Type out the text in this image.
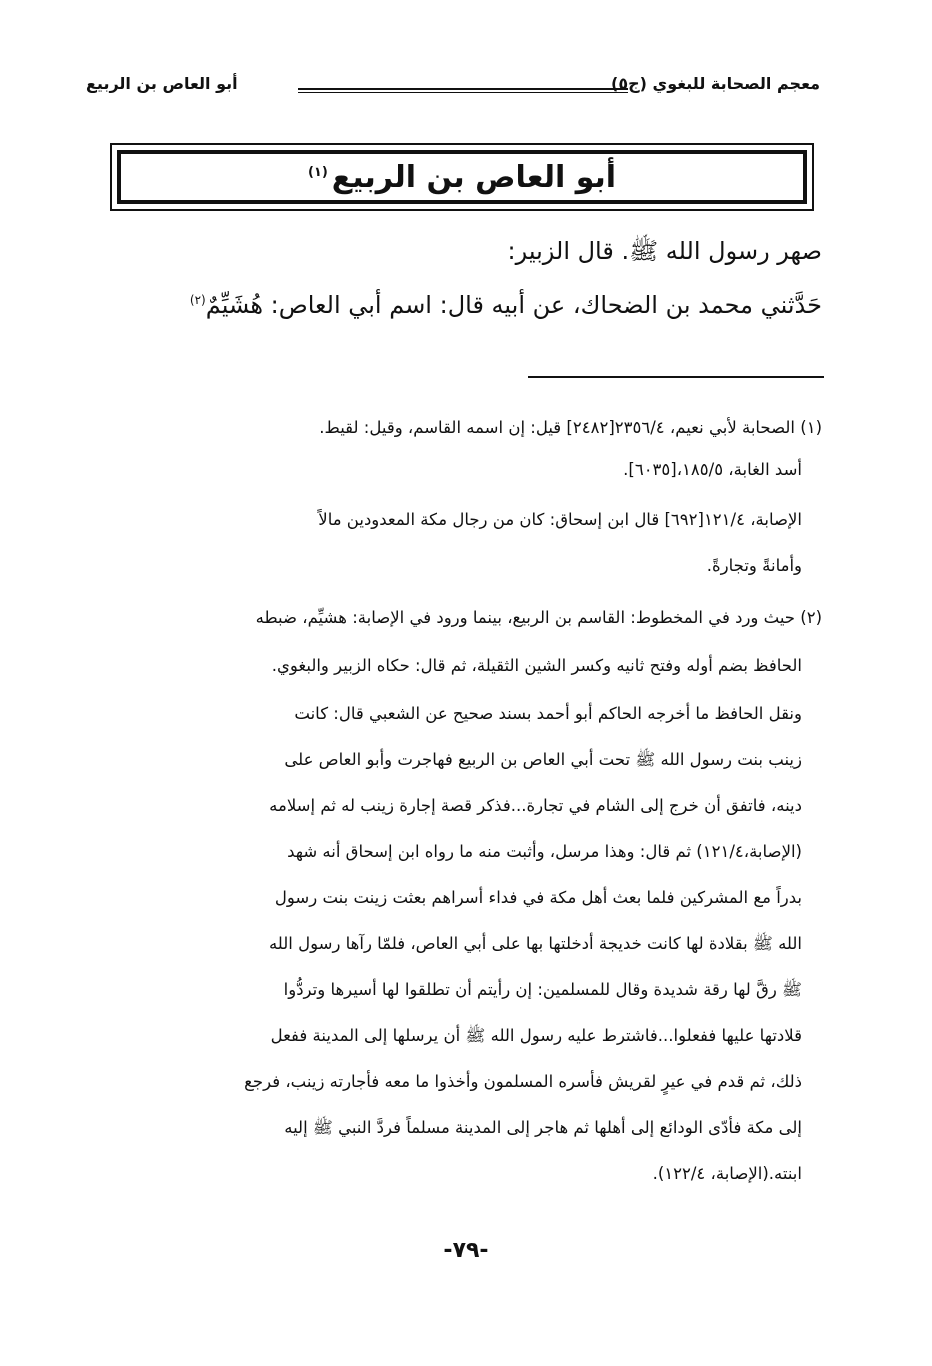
معجم الصحابة للبغوي (ج٥)
أبو العاص بن الربيع
أبو العاص بن الربيع$^{(١)}$
صهر رسول الله ﷺ. قال الزبير:
حَدَّثني محمد بن الضحاك، عن أبيه قال: اسم أبي العاص: هُشَيِّمٌ$^{(٢)}$
(١) الصحابة لأبي نعيم، ٢٣٥٦/٤[٢٤٨٢] قيل: إن اسمه القاسم، وقيل: لقيط.
أسد الغابة، ١٨٥/٥،[٦٠٣٥].
الإصابة، ١٢١/٤[٦٩٢] قال ابن إسحاق: كان من رجال مكة المعدودين مالاً
وأمانةً وتجارةً.
(٢) حيث ورد في المخطوط: القاسم بن الربيع، بينما ورود في الإصابة: هشيِّم، ضبطه
الحافظ بضم أوله وفتح ثانيه وكسر الشين الثقيلة، ثم قال: حكاه الزبير والبغوي.
ونقل الحافظ ما أخرجه الحاكم أبو أحمد بسند صحيح عن الشعبي قال: كانت
زينب بنت رسول الله ﷺ تحت أبي العاص بن الربيع فهاجرت وأبو العاص على
دينه، فاتفق أن خرج إلى الشام في تجارة...فذكر قصة إجارة زينب له ثم إسلامه
(الإصابة،١٢١/٤) ثم قال: وهذا مرسل، وأثبت منه ما رواه ابن إسحاق أنه شهد
بدراً مع المشركين فلما بعث أهل مكة في فداء أسراهم بعثت زينت بنت رسول
الله ﷺ بقلادة لها كانت خديجة أدخلتها بها على أبي العاص، فلمّا رآها رسول الله
ﷺ رقَّ لها رقة شديدة وقال للمسلمين: إن رأيتم أن تطلقوا لها أسيرها وتردُّوا
قلادتها عليها ففعلوا...فاشترط عليه رسول الله ﷺ أن يرسلها إلى المدينة ففعل
ذلك، ثم قدم في عيرٍ لقريش فأسره المسلمون وأخذوا ما معه فأجارته زينب، فرجع
إلى مكة فأدّى الودائع إلى أهلها ثم هاجر إلى المدينة مسلماً فردَّ النبي ﷺ إليه
ابنته.(الإصابة، ١٢٢/٤).
-٧٩-
